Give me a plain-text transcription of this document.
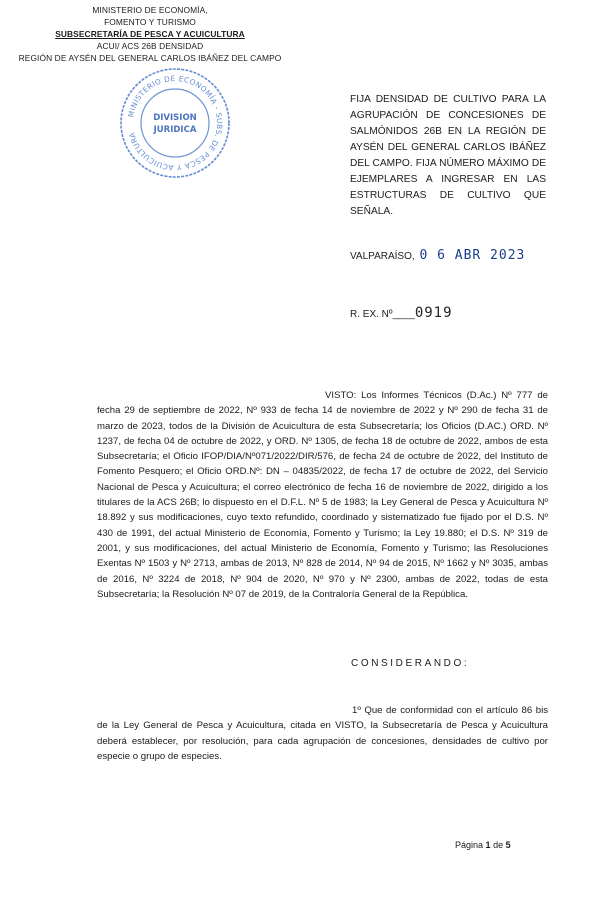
MINISTERIO DE ECONOMÍA,
FOMENTO Y TURISMO
SUBSECRETARÍA DE PESCA Y ACUICULTURA
ACUI/ ACS 26B DENSIDAD
REGIÓN DE AYSÉN DEL GENERAL CARLOS IBÁÑEZ DEL CAMPO
MINISTERIO DE ECONOMÍA - SUBS. DE PESCA Y ACUICULTURA
DIVISION
JURIDICA
FIJA DENSIDAD DE CULTIVO PARA LA AGRUPACIÓN DE CONCESIONES DE SALMÓNIDOS 26B EN LA REGIÓN DE AYSÉN DEL GENERAL CARLOS IBÁÑEZ DEL CAMPO. FIJA NÚMERO MÁXIMO DE EJEMPLARES A INGRESAR EN LAS ESTRUCTURAS DE CULTIVO QUE SEÑALA.
VALPARAÍSO, 0 6 ABR 2023
R. EX. Nº____0919
VISTO: Los Informes Técnicos (D.Ac.) Nº 777 de fecha 29 de septiembre de 2022, Nº 933 de fecha 14 de noviembre de 2022 y Nº 290 de fecha 31 de marzo de 2023, todos de la División de Acuicultura de esta Subsecretaría; los Oficios (D.AC.) ORD. Nº 1237, de fecha 04 de octubre de 2022, y ORD. Nº 1305, de fecha 18 de octubre de 2022, ambos de esta Subsecretaría; el Oficio IFOP/DIA/Nº071/2022/DIR/576, de fecha 24 de octubre de 2022, del Instituto de Fomento Pesquero; el Oficio ORD.Nº: DN – 04835/2022, de fecha 17 de octubre de 2022, del Servicio Nacional de Pesca y Acuicultura; el correo electrónico de fecha 16 de noviembre de 2022, dirigido a los titulares de la ACS 26B; lo dispuesto en el D.F.L. Nº 5 de 1983; la Ley General de Pesca y Acuicultura Nº 18.892 y sus modificaciones, cuyo texto refundido, coordinado y sistematizado fue fijado por el D.S. Nº 430 de 1991, del actual Ministerio de Economía, Fomento y Turismo; la Ley 19.880; el D.S. Nº 319 de 2001, y sus modificaciones, del actual Ministerio de Economía, Fomento y Turismo; las Resoluciones Exentas Nº 1503 y Nº 2713, ambas de 2013, Nº 828 de 2014, Nº 94 de 2015, Nº 1662 y Nº 3035, ambas de 2016, Nº 3224 de 2018, Nº 904 de 2020, Nº 970 y Nº 2300, ambas de 2022, todas de esta Subsecretaría; la Resolución Nº 07 de 2019, de la Contraloría General de la República.
CONSIDERANDO:
1º Que de conformidad con el artículo 86 bis de la Ley General de Pesca y Acuicultura, citada en VISTO, la Subsecretaría de Pesca y Acuicultura deberá establecer, por resolución, para cada agrupación de concesiones, densidades de cultivo por especie o grupo de especies.
Página 1 de 5
